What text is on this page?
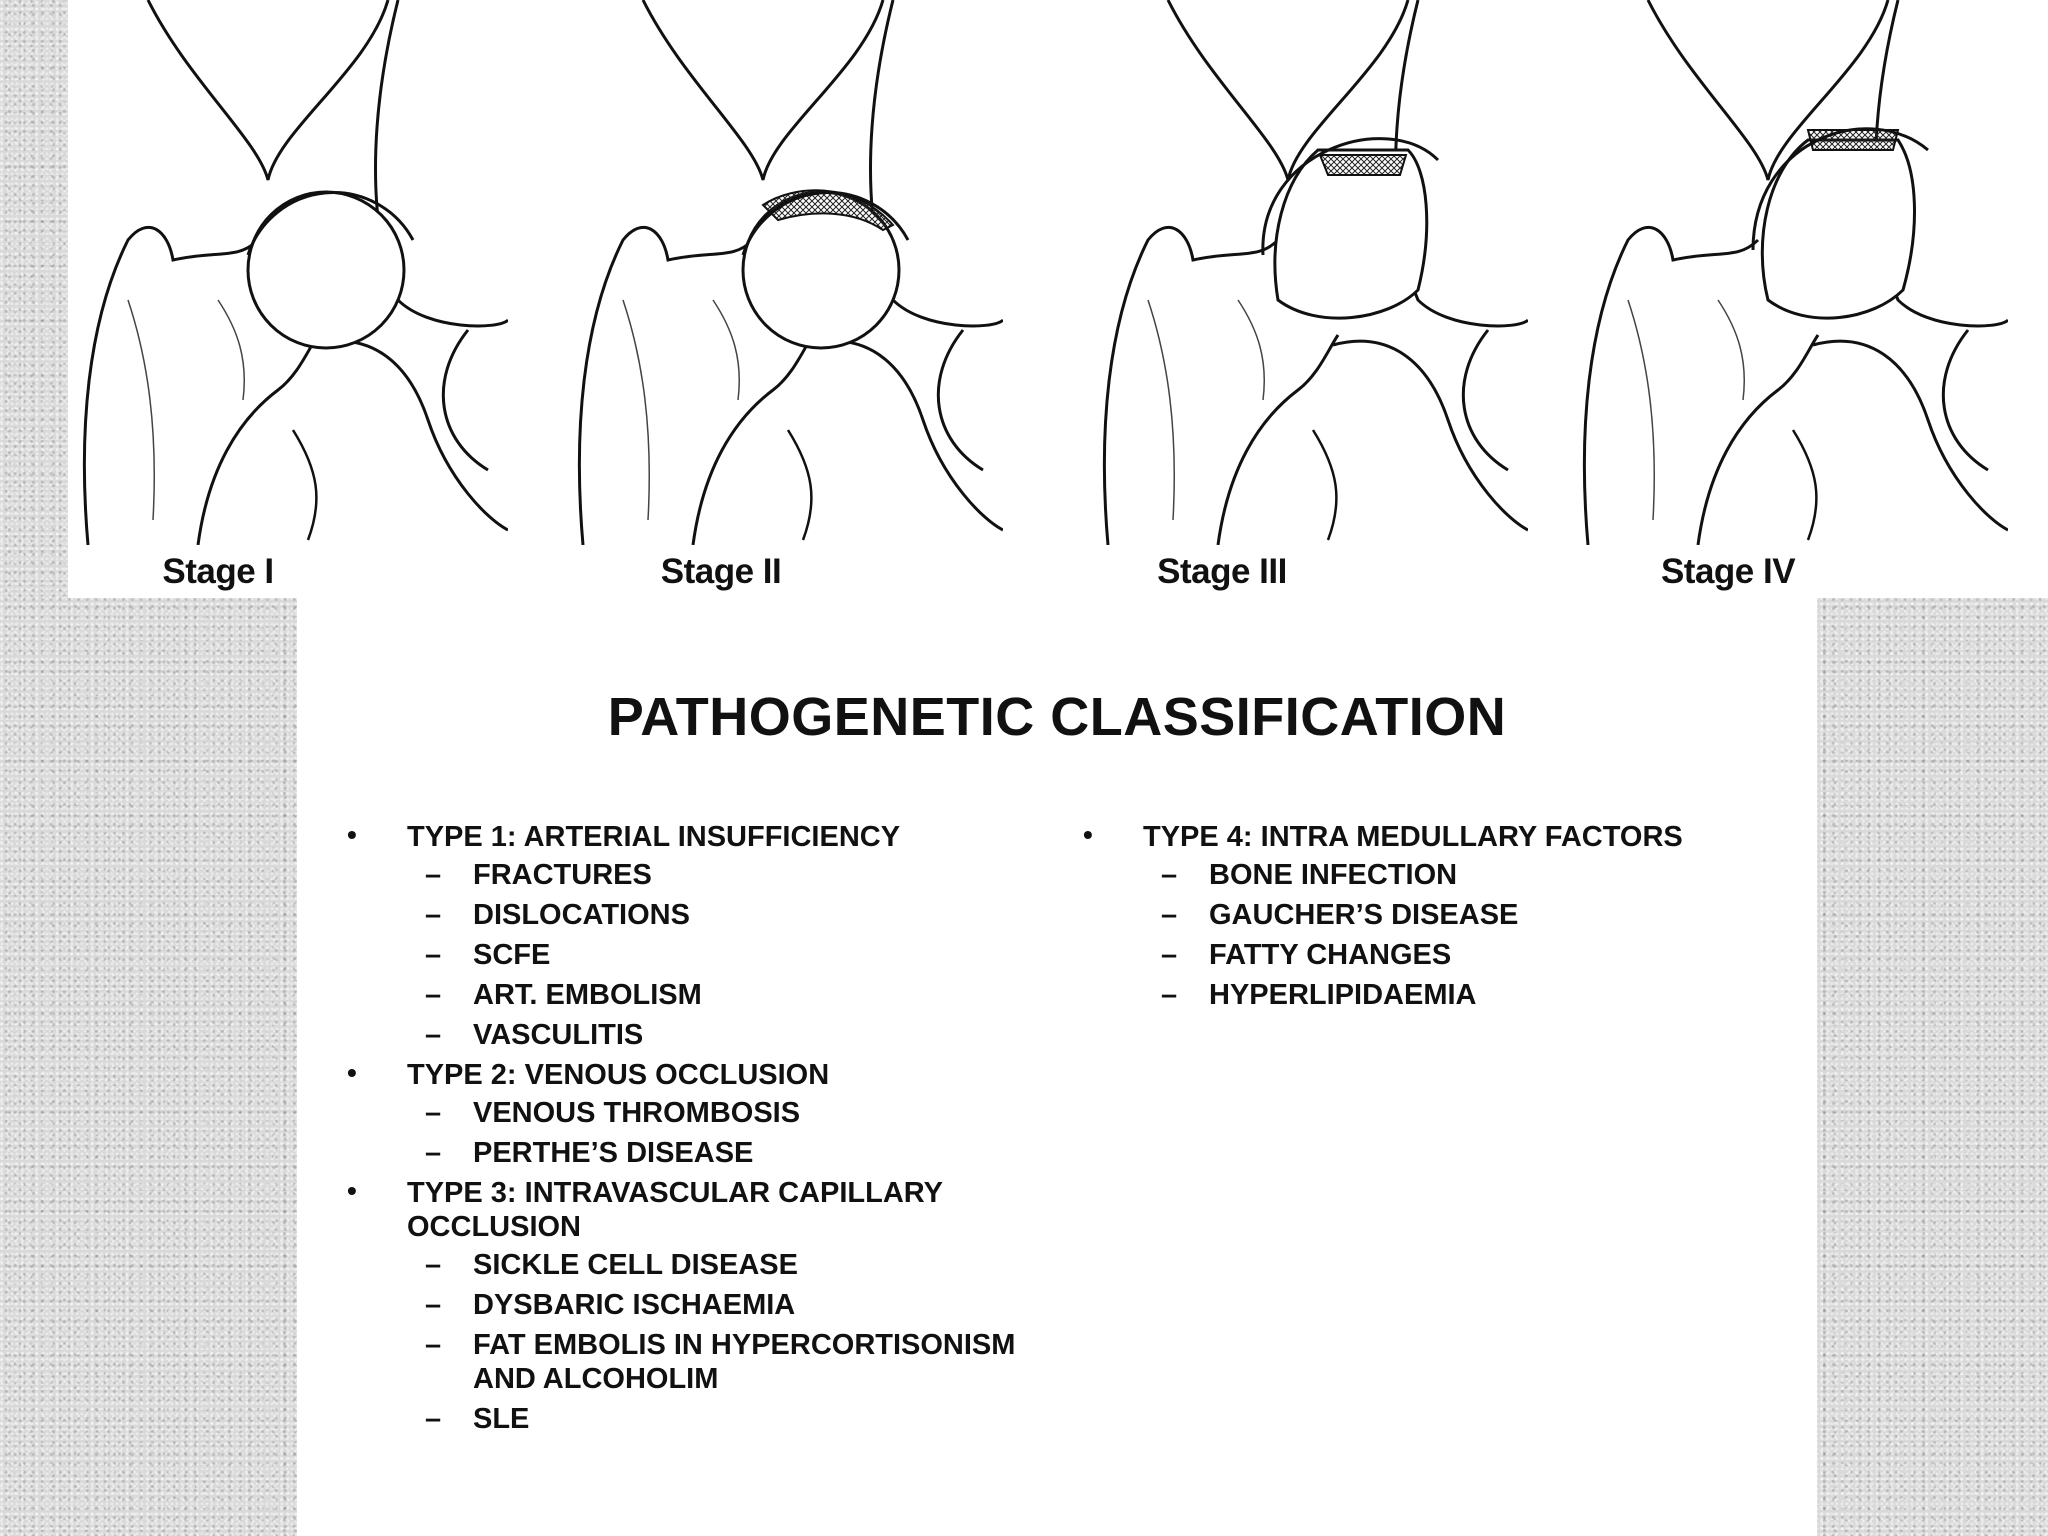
Stage I	Stage II	Stage III	Stage IV
PATHOGENETIC CLASSIFICATION
• TYPE 1: ARTERIAL INSUFFICIENCY
– FRACTURES
– DISLOCATIONS
– SCFE
– ART. EMBOLISM
– VASCULITIS
• TYPE 2: VENOUS OCCLUSION
– VENOUS THROMBOSIS
– PERTHE’S DISEASE
• TYPE 3: INTRAVASCULAR CAPILLARY OCCLUSION
– SICKLE CELL DISEASE
– DYSBARIC ISCHAEMIA
– FAT EMBOLIS IN HYPERCORTISONISM AND ALCOHOLIM
– SLE
• TYPE 4: INTRA MEDULLARY FACTORS
– BONE INFECTION
– GAUCHER’S DISEASE
– FATTY CHANGES
– HYPERLIPIDAEMIA
